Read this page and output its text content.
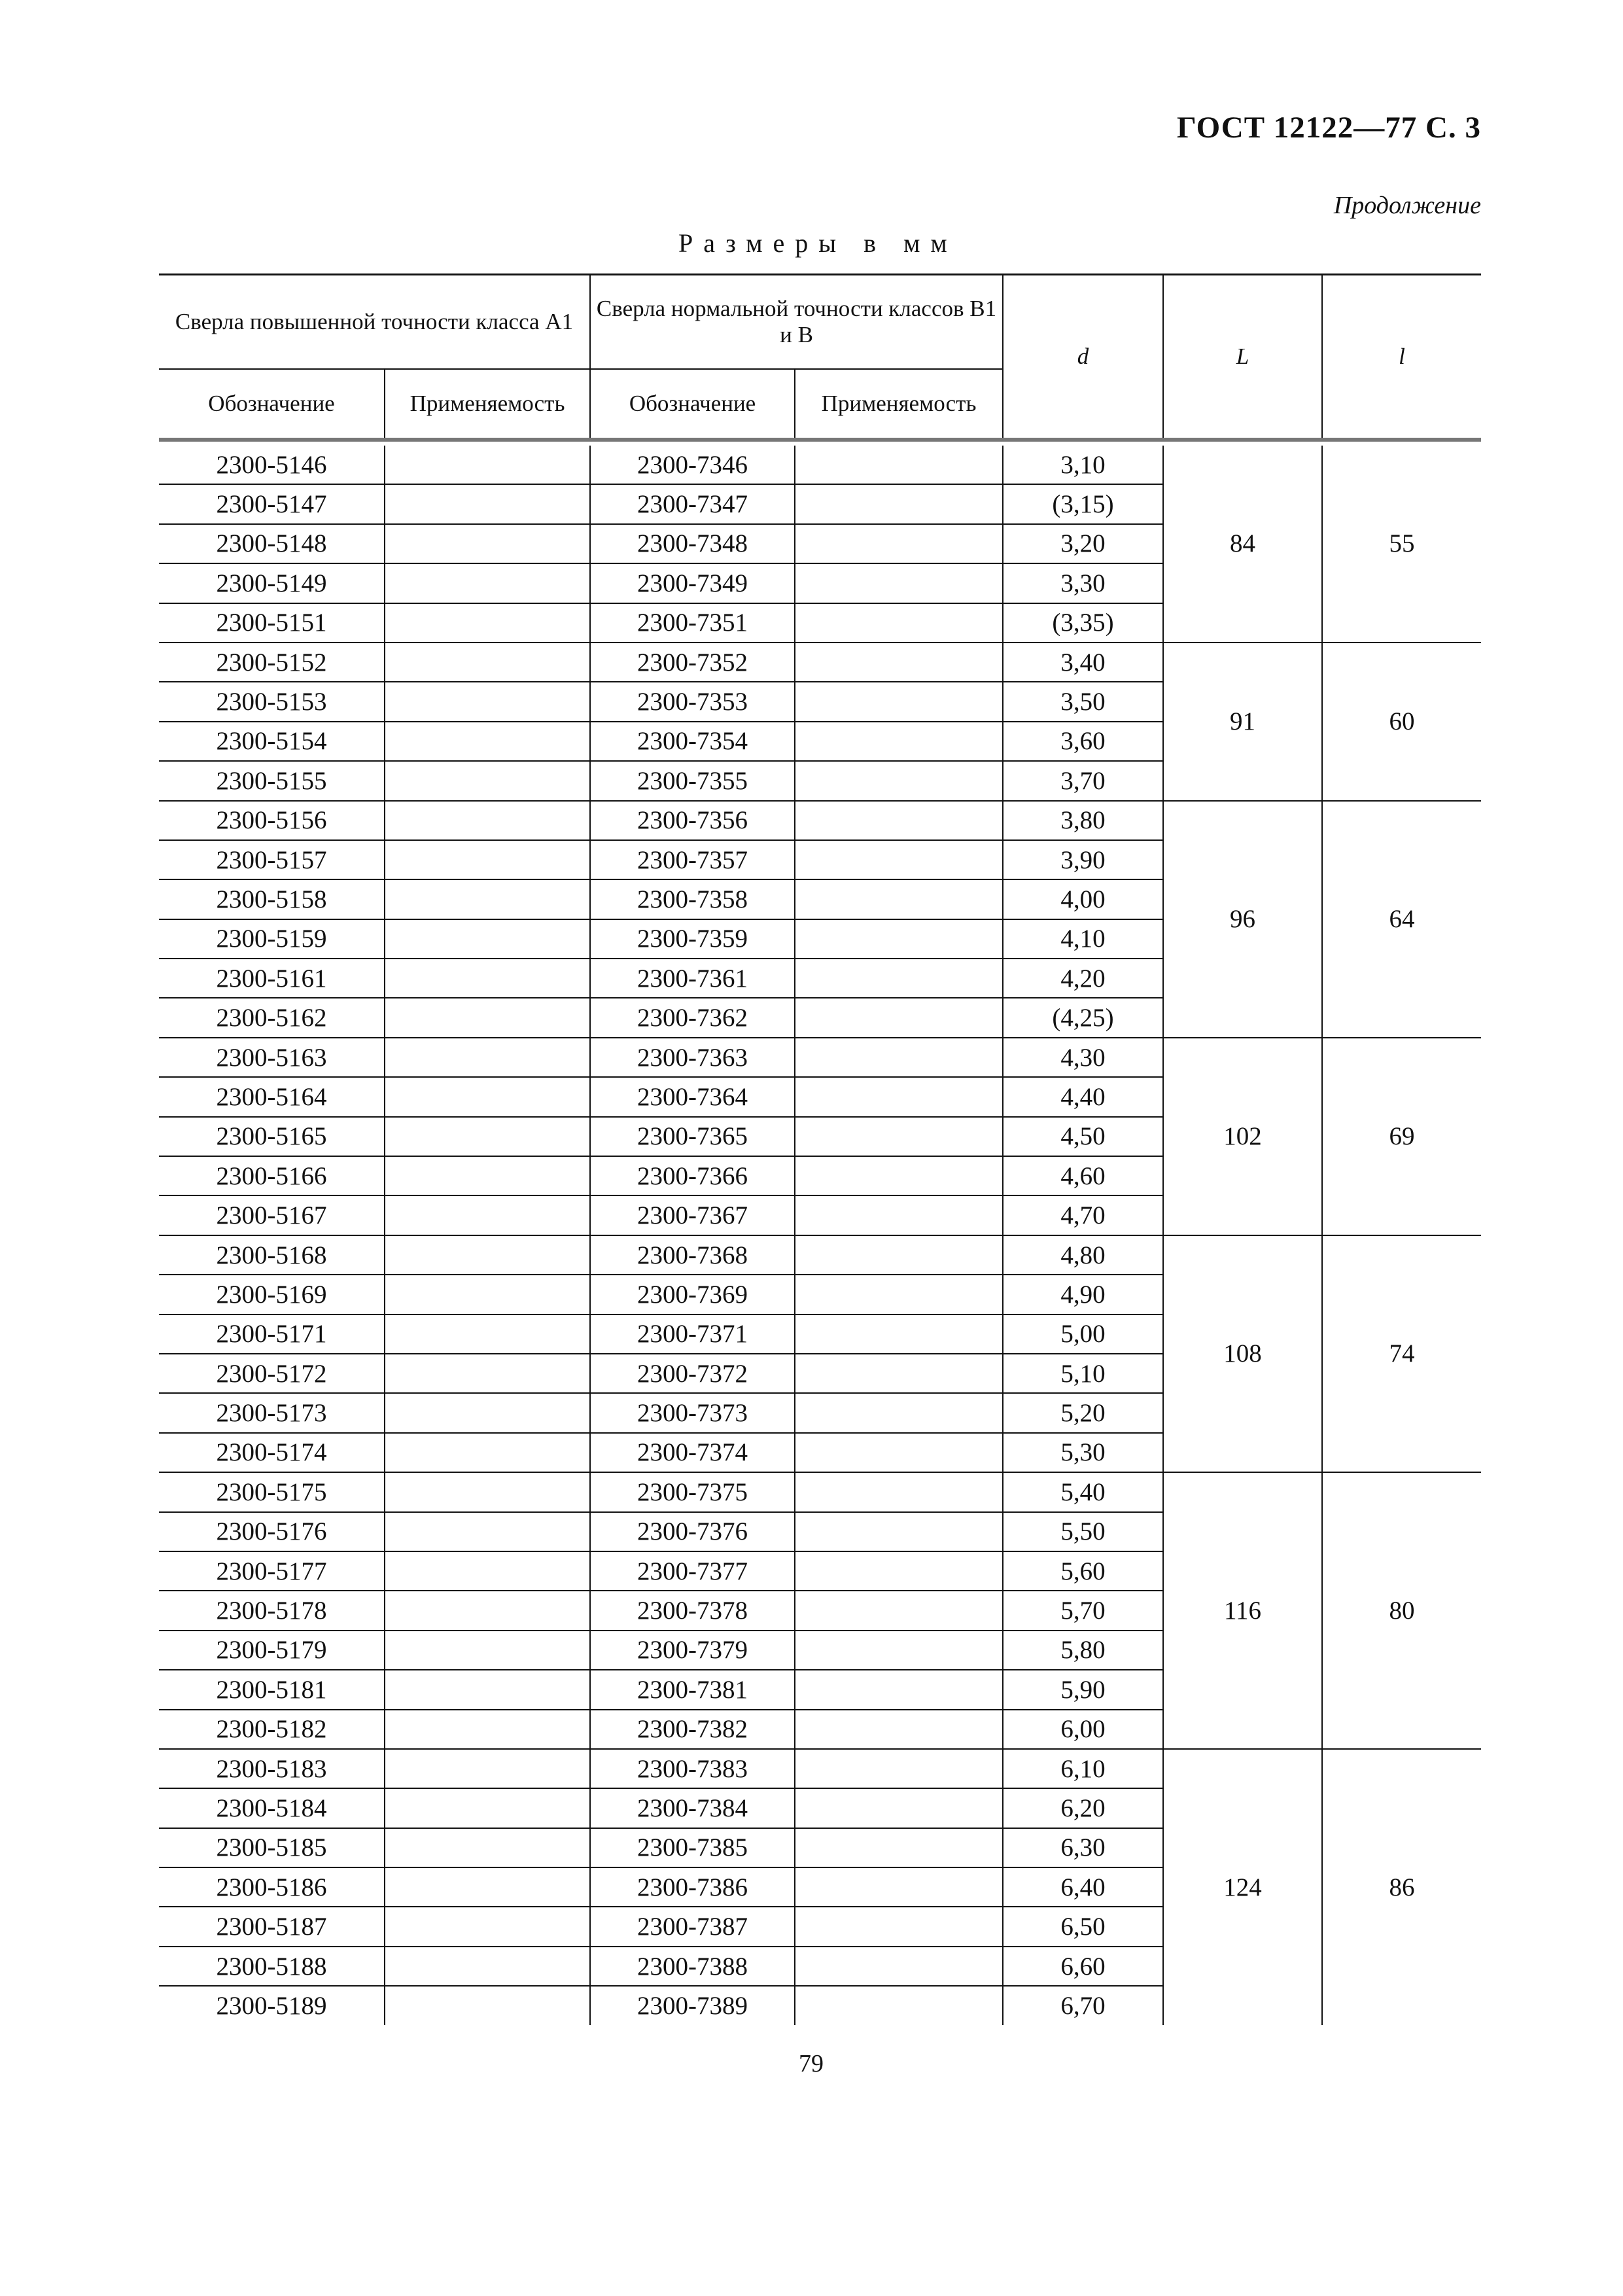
ГОСТ 12122—77 С. 3
Продолжение
Размеры в мм
Сверла повышенной точности класса А1		Сверла нормальной точности классов В1 и В		d	L	l
Обозначение	Применяемость	Обозначение	Применяемость			

2300-5146		2300-7346		3,10	84	55
2300-5147		2300-7347		(3,15)		
2300-5148		2300-7348		3,20		
2300-5149		2300-7349		3,30		
2300-5151		2300-7351		(3,35)		
2300-5152		2300-7352		3,40	91	60
2300-5153		2300-7353		3,50		
2300-5154		2300-7354		3,60		
2300-5155		2300-7355		3,70		
2300-5156		2300-7356		3,80	96	64
2300-5157		2300-7357		3,90		
2300-5158		2300-7358		4,00		
2300-5159		2300-7359		4,10		
2300-5161		2300-7361		4,20		
2300-5162		2300-7362		(4,25)		
2300-5163		2300-7363		4,30	102	69
2300-5164		2300-7364		4,40		
2300-5165		2300-7365		4,50		
2300-5166		2300-7366		4,60		
2300-5167		2300-7367		4,70		
2300-5168		2300-7368		4,80	108	74
2300-5169		2300-7369		4,90		
2300-5171		2300-7371		5,00		
2300-5172		2300-7372		5,10		
2300-5173		2300-7373		5,20		
2300-5174		2300-7374		5,30		
2300-5175		2300-7375		5,40	116	80
2300-5176		2300-7376		5,50		
2300-5177		2300-7377		5,60		
2300-5178		2300-7378		5,70		
2300-5179		2300-7379		5,80		
2300-5181		2300-7381		5,90		
2300-5182		2300-7382		6,00		
2300-5183		2300-7383		6,10	124	86
2300-5184		2300-7384		6,20		
2300-5185		2300-7385		6,30		
2300-5186		2300-7386		6,40		
2300-5187		2300-7387		6,50		
2300-5188		2300-7388		6,60		
2300-5189		2300-7389		6,70		
79
